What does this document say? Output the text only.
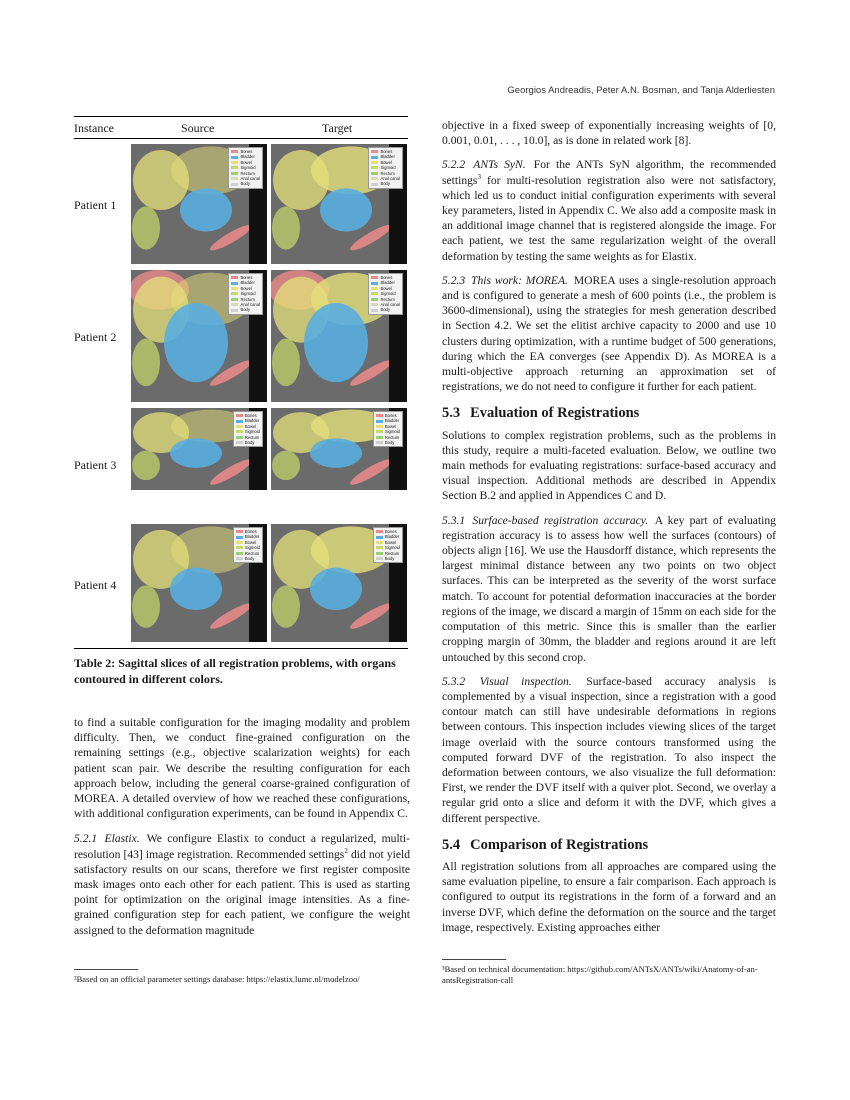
Georgios Andreadis, Peter A.N. Bosman, and Tanja Alderliesten
Instance	Source	Target
Patient 1
Patient 2
Patient 3
Patient 4
Bones
Bladder
Bowel
Sigmoid
Rectum
Anal canal
Body
Bones
Bladder
Bowel
Sigmoid
Rectum
Anal canal
Body
Bones
Bladder
Bowel
Sigmoid
Rectum
Anal canal
Body
Bones
Bladder
Bowel
Sigmoid
Rectum
Anal canal
Body
Bones
Bladder
Bowel
Sigmoid
Rectum
Body
Bones
Bladder
Bowel
Sigmoid
Rectum
Body
Bones
Bladder
Bowel
Sigmoid
Rectum
Body
Bones
Bladder
Bowel
Sigmoid
Rectum
Body
Table 2: Sagittal slices of all registration problems, with organs contoured in different colors.

to find a suitable configuration for the imaging modality and problem difficulty. Then, we conduct fine-grained configuration on the remaining settings (e.g., objective scalarization weights) for each patient scan pair. We describe the resulting configuration for each approach below, including the general coarse-grained configuration of MOREA. A detailed overview of how we reached these configurations, with additional configuration experiments, can be found in Appendix C.

5.2.1 Elastix. We configure Elastix to conduct a regularized, multi-resolution [43] image registration. Recommended settings$^2$ did not yield satisfactory results on our scans, therefore we first register composite mask images onto each other for each patient. This is used as starting point for optimization on the original image intensities. As a fine-grained configuration step for each patient, we configure the weight assigned to the deformation magnitude

²Based on an official parameter settings database: https://elastix.lumc.nl/modelzoo/

objective in a fixed sweep of exponentially increasing weights of [0, 0.001, 0.01, . . . , 10.0], as is done in related work [8].

5.2.2 ANTs SyN. For the ANTs SyN algorithm, the recommended settings$^3$ for multi-resolution registration also were not satisfactory, which led us to conduct initial configuration experiments with several key parameters, listed in Appendix C. We also add a composite mask in an additional image channel that is registered alongside the image. For each patient, we test the same regularization weight of the overall deformation by testing the same weights as for Elastix.

5.2.3 This work: MOREA. MOREA uses a single-resolution approach and is configured to generate a mesh of 600 points (i.e., the problem is 3600-dimensional), using the strategies for mesh generation described in Section 4.2. We set the elitist archive capacity to 2000 and use 10 clusters during optimization, with a runtime budget of 500 generations, during which the EA converges (see Appendix D). As MOREA is a multi-objective approach returning an approximation set of registrations, we do not need to configure it further for each patient.

5.3 Evaluation of Registrations

Solutions to complex registration problems, such as the problems in this study, require a multi-faceted evaluation. Below, we outline two main methods for evaluating registrations: surface-based accuracy and visual inspection. Additional methods are described in Appendix Section B.2 and applied in Appendices C and D.

5.3.1 Surface-based registration accuracy. A key part of evaluating registration accuracy is to assess how well the surfaces (contours) of objects align [16]. We use the Hausdorff distance, which represents the largest minimal distance between any two points on two object surfaces. This can be interpreted as the severity of the worst surface match. To account for potential deformation inaccuracies at the border regions of the image, we discard a margin of 15mm on each side for the computation of this metric. Since this is smaller than the earlier cropping margin of 30mm, the bladder and regions around it are left untouched by this second crop.

5.3.2 Visual inspection. Surface-based accuracy analysis is complemented by a visual inspection, since a registration with a good contour match can still have undesirable deformations in regions between contours. This inspection includes viewing slices of the target image overlaid with the source contours transformed using the computed forward DVF of the registration. To also inspect the deformation between contours, we also visualize the full deformation: First, we render the DVF itself with a quiver plot. Second, we overlay a regular grid onto a slice and deform it with the DVF, which gives a different perspective.

5.4 Comparison of Registrations

All registration solutions from all approaches are compared using the same evaluation pipeline, to ensure a fair comparison. Each approach is configured to output its registrations in the form of a forward and an inverse DVF, which define the deformation on the source and the target image, respectively. Existing approaches either

³Based on technical documentation: https://github.com/ANTsX/ANTs/wiki/Anatomy-of-an-antsRegistration-call
